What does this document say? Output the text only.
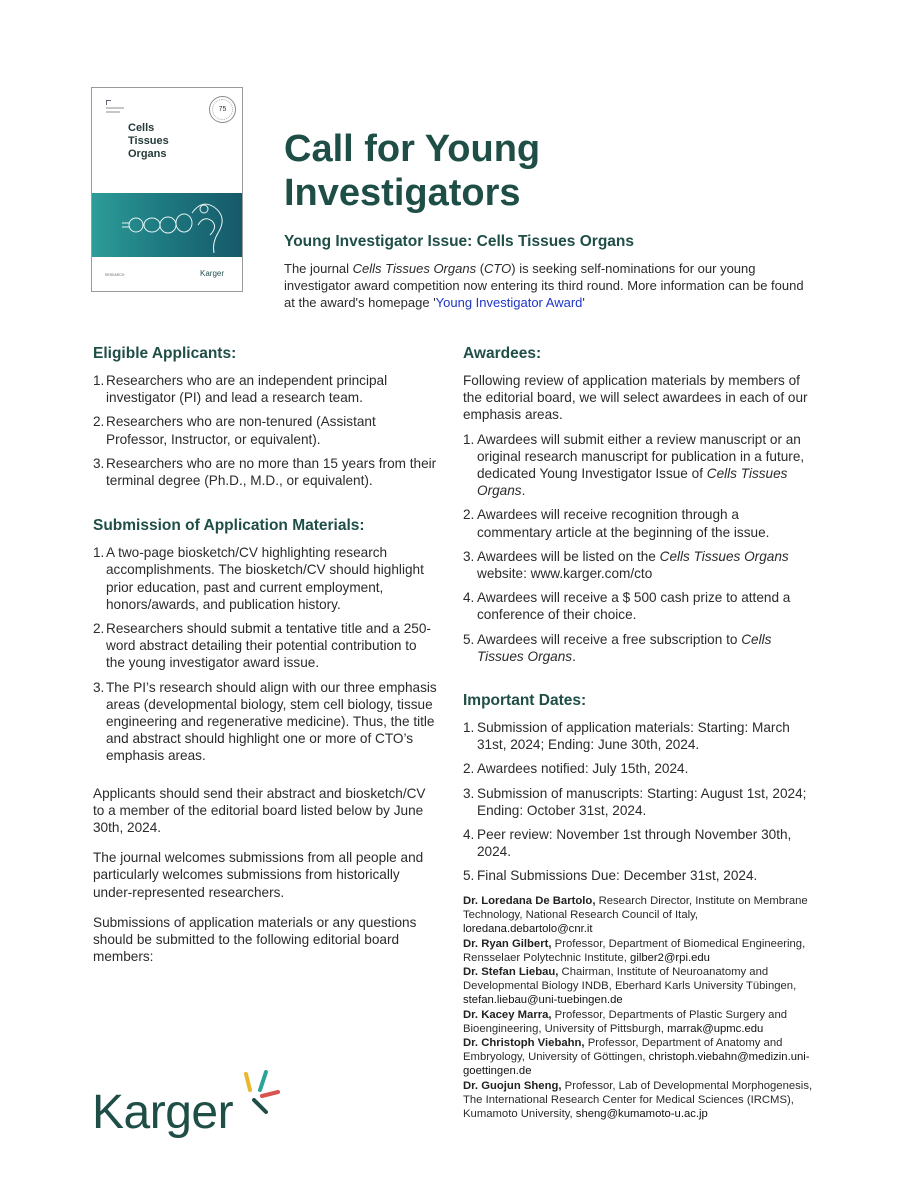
75
Cells
Tissues
Organs
RESEARCH	Karger
Call for Young
Investigators
Young Investigator Issue: Cells Tissues Organs

The journal Cells Tissues Organs (CTO) is seeking self-nominations for our young investigator award competition now entering its third round. More information can be found at the award's homepage 'Young Investigator Award'

Eligible Applicants:
1. Researchers who are an independent principal investigator (PI) and lead a research team.
2. Researchers who are non-tenured (Assistant Professor, Instructor, or equivalent).
3. Researchers who are no more than 15 years from their terminal degree (Ph.D., M.D., or equivalent).
Submission of Application Materials:
1. A two-page biosketch/CV highlighting research accomplishments. The biosketch/CV should highlight prior education, past and current employment, honors/awards, and publication history.
2. Researchers should submit a tentative title and a 250-word abstract detailing their potential contribution to the young investigator award issue.
3. The PI’s research should align with our three emphasis areas (developmental biology, stem cell biology, tissue engineering and regenerative medicine). Thus, the title and abstract should highlight one or more of CTO’s emphasis areas.

Applicants should send their abstract and biosketch/CV to a member of the editorial board listed below by June 30th, 2024.

The journal welcomes submissions from all people and particularly welcomes submissions from historically under-represented researchers.

Submissions of application materials or any questions should be submitted to the following editorial board members:

Awardees:

Following review of application materials by members of the editorial board, we will select awardees in each of our emphasis areas.

1. Awardees will submit either a review manuscript or an original research manuscript for publication in a future, dedicated Young Investigator Issue of Cells Tissues Organs.
2. Awardees will receive recognition through a commentary article at the beginning of the issue.
3. Awardees will be listed on the Cells Tissues Organs website: www.karger.com/cto
4. Awardees will receive a $ 500 cash prize to attend a conference of their choice.
5. Awardees will receive a free subscription to Cells Tissues Organs.
Important Dates:
1. Submission of application materials: Starting: March 31st, 2024; Ending: June 30th, 2024.
2. Awardees notified: July 15th, 2024.
3. Submission of manuscripts: Starting: August 1st, 2024; Ending: October 31st, 2024.
4. Peer review: November 1st through November 30th, 2024.
5. Final Submissions Due: December 31st, 2024.

Dr. Loredana De Bartolo, Research Director, Institute on Membrane Technology, National Research Council of Italy, loredana.debartolo@cnr.it

Dr. Ryan Gilbert, Professor, Department of Biomedical Engineering, Rensselaer Polytechnic Institute, gilber2@rpi.edu

Dr. Stefan Liebau, Chairman, Institute of Neuroanatomy and Developmental Biology INDB, Eberhard Karls University Tübingen, stefan.liebau@uni-tuebingen.de

Dr. Kacey Marra, Professor, Departments of Plastic Surgery and Bioengineering, University of Pittsburgh, marrak@upmc.edu

Dr. Christoph Viebahn, Professor, Department of Anatomy and Embryology, University of Göttingen, christoph.viebahn@medizin.uni-goettingen.de

Dr. Guojun Sheng, Professor, Lab of Developmental Morphogenesis, The International Research Center for Medical Sciences (IRCMS), Kumamoto University, sheng@kumamoto-u.ac.jp

Karger
